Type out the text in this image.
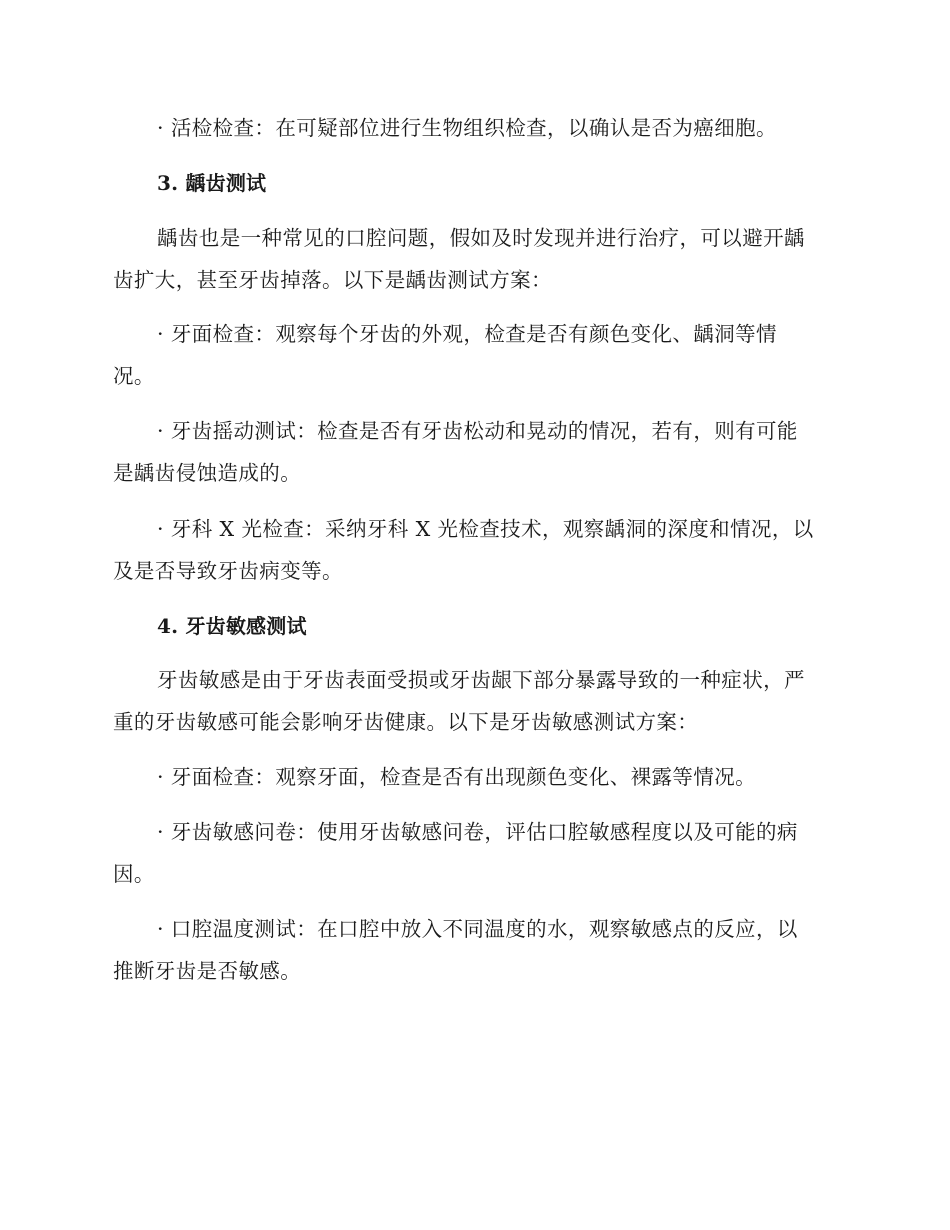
· 活检检查：在可疑部位进行生物组织检查，以确认是否为癌细胞。
3. 龋齿测试
龋齿也是一种常见的口腔问题，假如及时发现并进行治疗，可以避开龋
齿扩大，甚至牙齿掉落。以下是龋齿测试方案：
· 牙面检查：观察每个牙齿的外观，检查是否有颜色变化、龋洞等情
况。
· 牙齿摇动测试：检查是否有牙齿松动和晃动的情况，若有，则有可能
是龋齿侵蚀造成的。
· 牙科 X 光检查：采纳牙科 X 光检查技术，观察龋洞的深度和情况，以
及是否导致牙齿病变等。
4. 牙齿敏感测试
牙齿敏感是由于牙齿表面受损或牙齿龈下部分暴露导致的一种症状，严
重的牙齿敏感可能会影响牙齿健康。以下是牙齿敏感测试方案：
· 牙面检查：观察牙面，检查是否有出现颜色变化、裸露等情况。
· 牙齿敏感问卷：使用牙齿敏感问卷，评估口腔敏感程度以及可能的病
因。
· 口腔温度测试：在口腔中放入不同温度的水，观察敏感点的反应，以
推断牙齿是否敏感。
